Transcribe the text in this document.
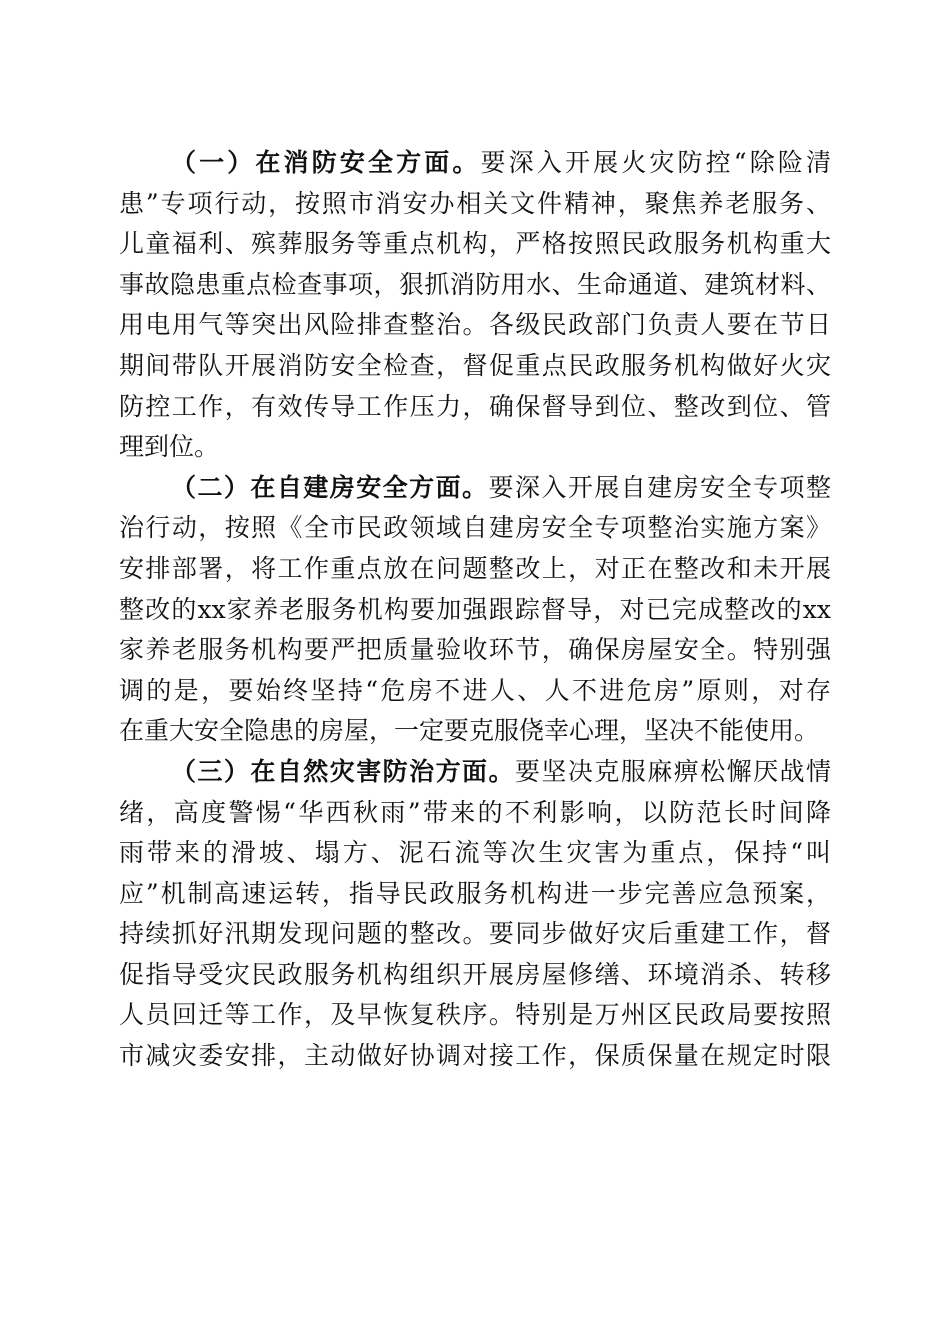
（一）在消防安全方面。要深入开展火灾防控“除险清
患”专项行动，按照市消安办相关文件精神，聚焦养老服务、
儿童福利、殡葬服务等重点机构，严格按照民政服务机构重大
事故隐患重点检查事项，狠抓消防用水、生命通道、建筑材料、
用电用气等突出风险排查整治。各级民政部门负责人要在节日
期间带队开展消防安全检查，督促重点民政服务机构做好火灾
防控工作，有效传导工作压力，确保督导到位、整改到位、管
理到位。
（二）在自建房安全方面。要深入开展自建房安全专项整
治行动，按照《全市民政领域自建房安全专项整治实施方案》
安排部署，将工作重点放在问题整改上，对正在整改和未开展
整改的xx家养老服务机构要加强跟踪督导，对已完成整改的xx
家养老服务机构要严把质量验收环节，确保房屋安全。特别强
调的是，要始终坚持“危房不进人、人不进危房”原则，对存
在重大安全隐患的房屋，一定要克服侥幸心理，坚决不能使用。
（三）在自然灾害防治方面。要坚决克服麻痹松懈厌战情
绪，高度警惕“华西秋雨”带来的不利影响，以防范长时间降
雨带来的滑坡、塌方、泥石流等次生灾害为重点，保持“叫
应”机制高速运转，指导民政服务机构进一步完善应急预案，
持续抓好汛期发现问题的整改。要同步做好灾后重建工作，督
促指导受灾民政服务机构组织开展房屋修缮、环境消杀、转移
人员回迁等工作，及早恢复秩序。特别是万州区民政局要按照
市减灾委安排，主动做好协调对接工作，保质保量在规定时限
